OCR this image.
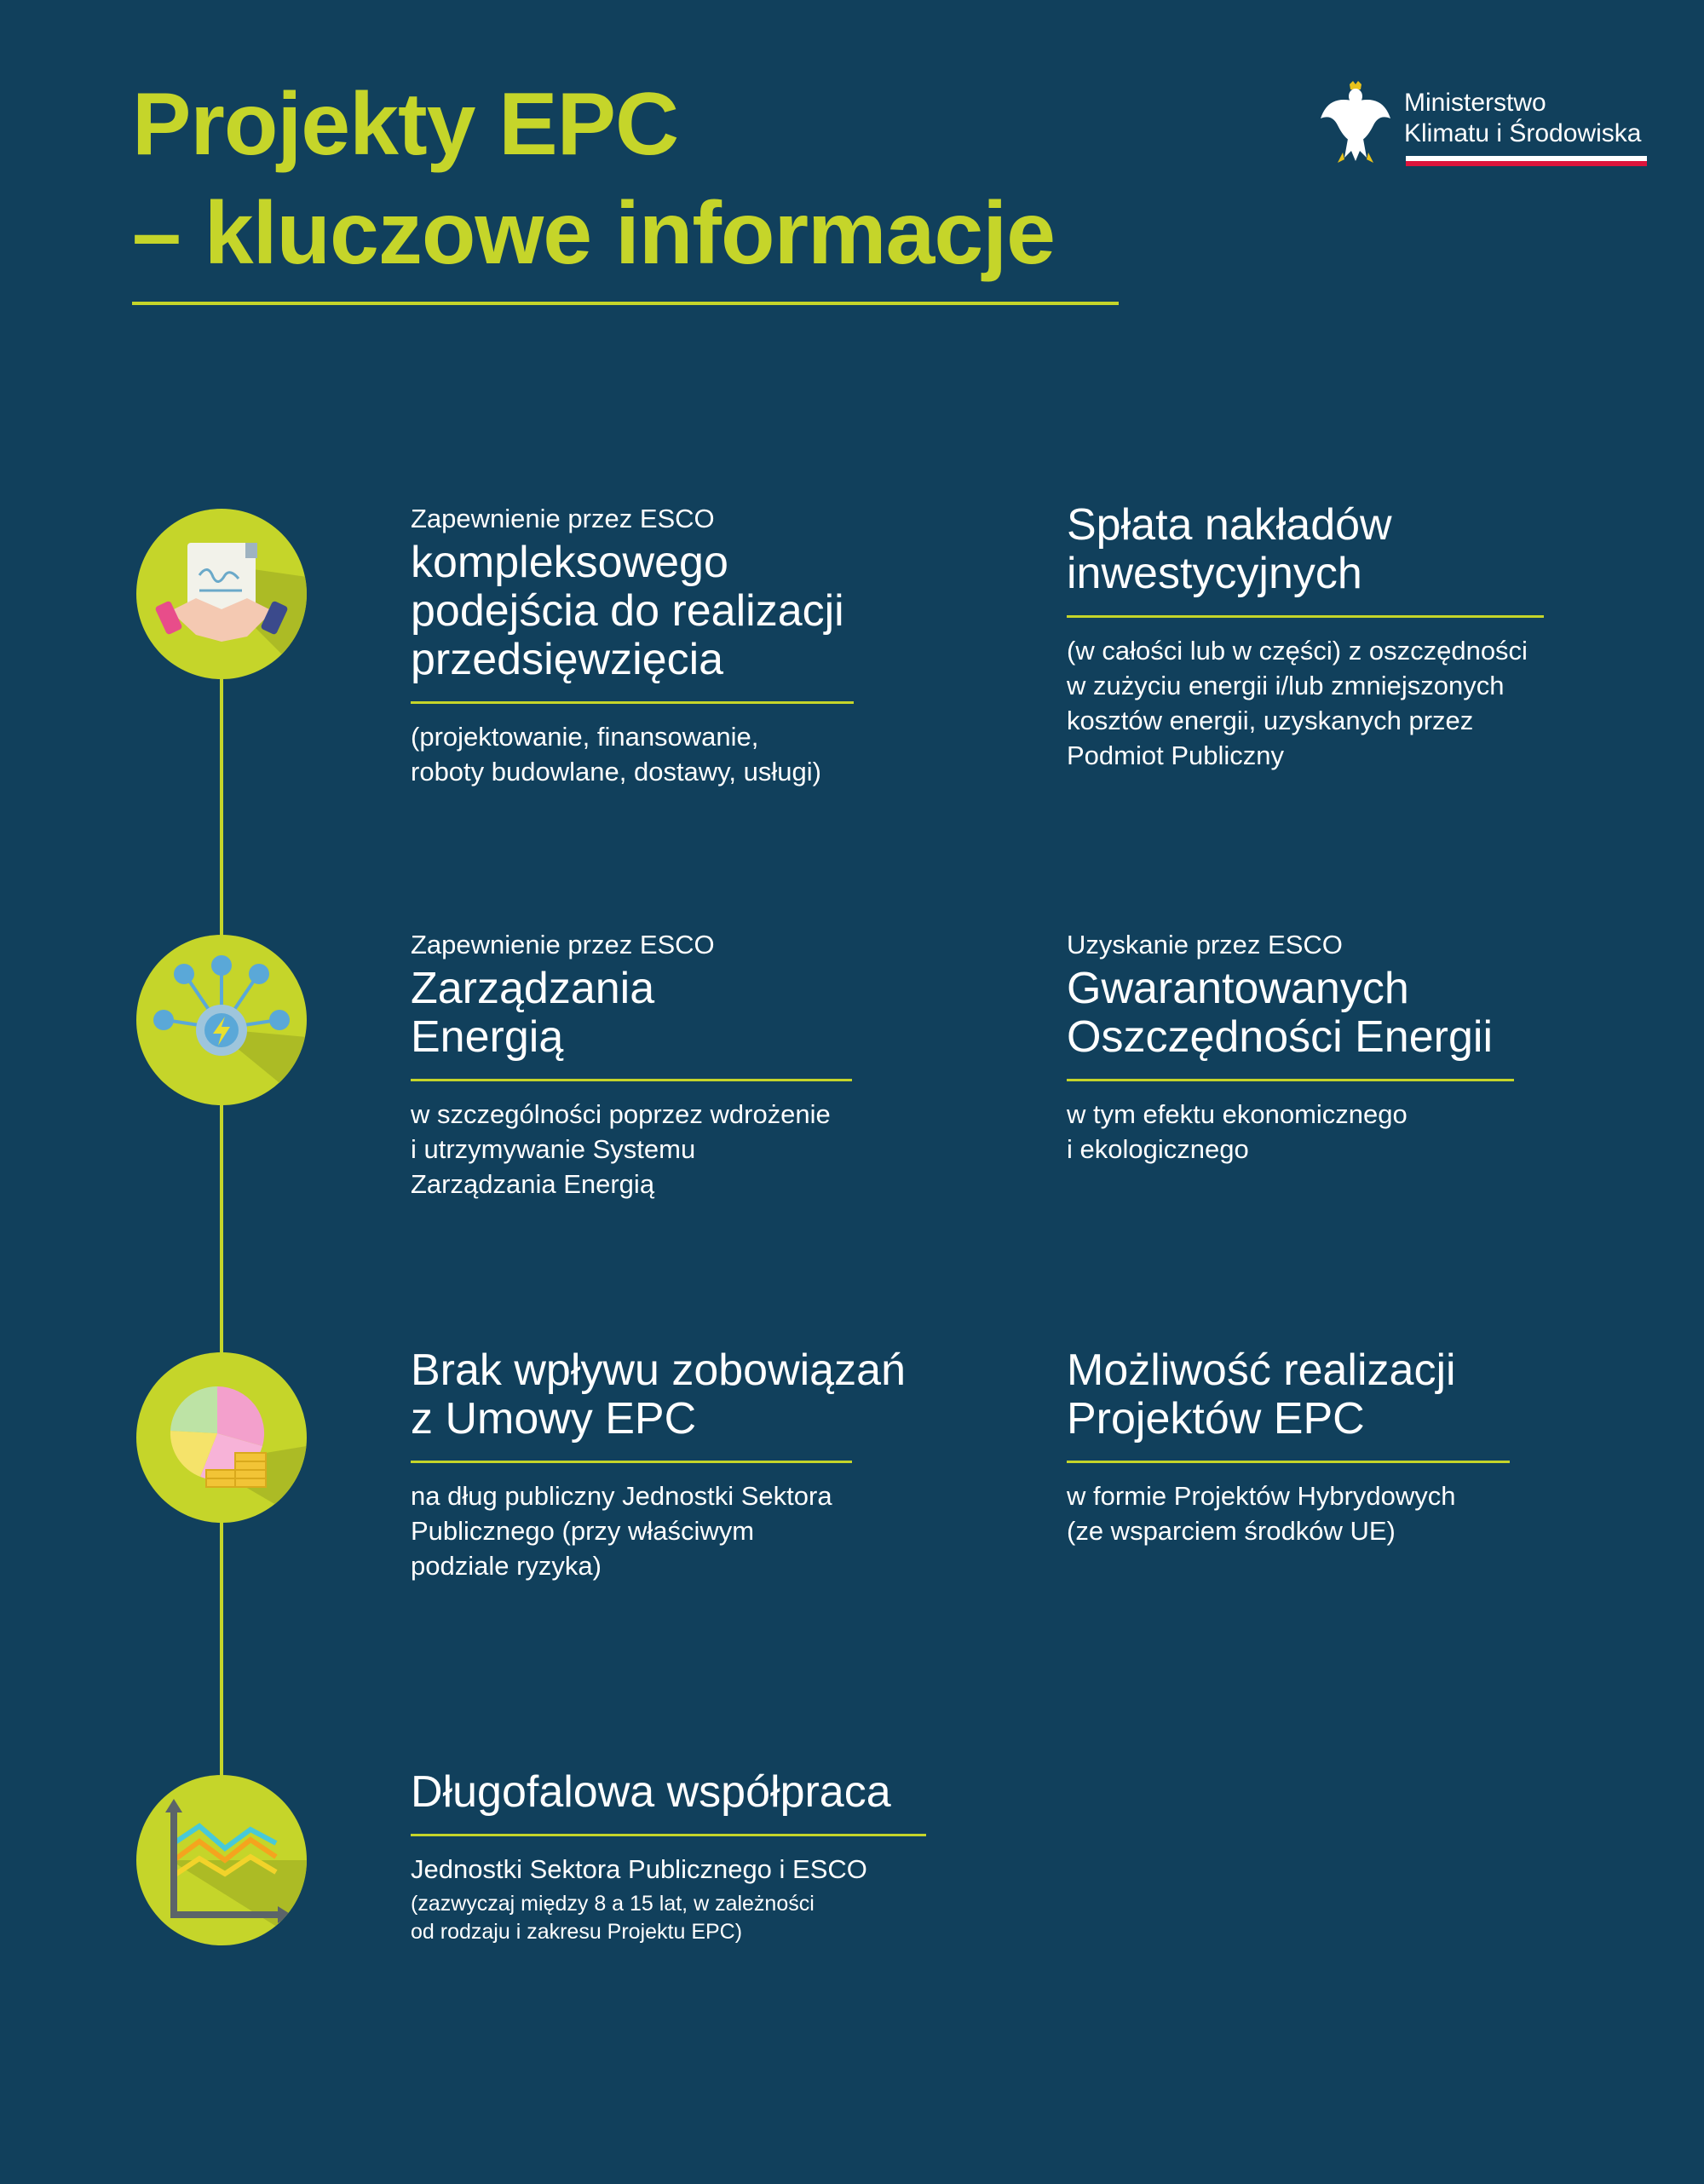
Projekty EPC
– kluczowe informacje
Ministerstwo
Klimatu i Środowiska

Zapewnienie przez ESCO

kompleksowego
podejścia do realizacji
przedsięwzięcia

(projektowanie, finansowanie,
roboty budowlane, dostawy, usługi)

Spłata nakładów
inwestycyjnych

(w całości lub w części) z oszczędności
w zużyciu energii i/lub zmniejszonych
kosztów energii, uzyskanych przez
Podmiot Publiczny

Zapewnienie przez ESCO

Zarządzania
Energią

w szczególności poprzez wdrożenie
i utrzymywanie Systemu
Zarządzania Energią

Uzyskanie przez ESCO

Gwarantowanych
Oszczędności Energii

w tym efektu ekonomicznego
i ekologicznego

Brak wpływu zobowiązań
z Umowy EPC

na dług publiczny Jednostki Sektora
Publicznego (przy właściwym
podziale ryzyka)

Możliwość realizacji
Projektów EPC

w formie Projektów Hybrydowych
(ze wsparciem środków UE)

Długofalowa współpraca

Jednostki Sektora Publicznego i ESCO

(zazwyczaj między 8 a 15 lat, w zależności
od rodzaju i zakresu Projektu EPC)
